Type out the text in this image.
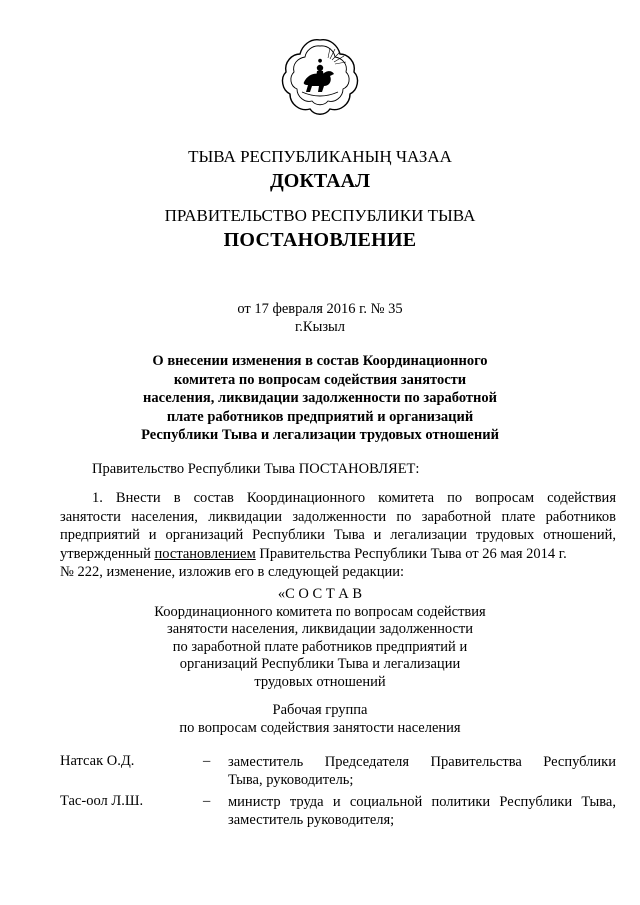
●
ТЫВА РЕСПУБЛИКАНЫҢ ЧАЗАА
ДОКТААЛ
ПРАВИТЕЛЬСТВО РЕСПУБЛИКИ ТЫВА
ПОСТАНОВЛЕНИЕ
от 17 февраля 2016 г. № 35
г.Кызыл
О внесении изменения в состав Координационного
комитета по вопросам содействия занятости
населения, ликвидации задолженности по заработной
плате работников предприятий и организаций
Республики Тыва и легализации трудовых отношений
Правительство Республики Тыва ПОСТАНОВЛЯЕТ:
1. Внести в состав Координационного комитета по вопросам содействия
занятости населения, ликвидации задолженности по заработной плате работников
предприятий и организаций Республики Тыва и легализации трудовых отношений,
утвержденный постановлением Правительства Республики Тыва от 26 мая 2014 г.
№ 222, изменение, изложив его в следующей редакции:
«С О С Т А В
Координационного комитета по вопросам содействия
занятости населения, ликвидации задолженности
по заработной плате работников предприятий и
организаций Республики Тыва и легализации
трудовых отношений
Рабочая группа
по вопросам содействия занятости населения
Натсак О.Д.	– заместитель Председателя Правительства Республики
Тыва, руководитель;
Тас-оол Л.Ш.	– министр труда и социальной политики Республики Тыва,
заместитель руководителя;
